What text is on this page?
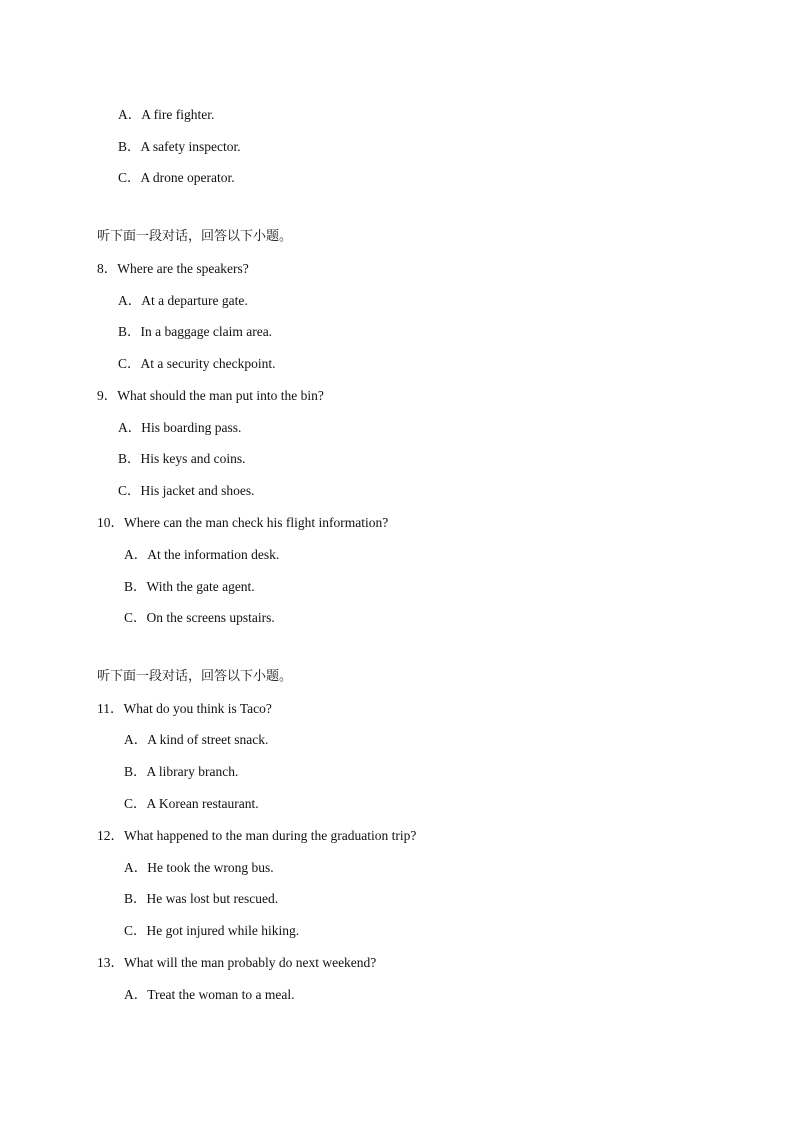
A．A fire fighter.
B．A safety inspector.
C．A drone operator.
听下面一段对话，回答以下小题。
8．Where are the speakers?
A．At a departure gate.
B．In a baggage claim area.
C．At a security checkpoint.
9．What should the man put into the bin?
A．His boarding pass.
B．His keys and coins.
C．His jacket and shoes.
10．Where can the man check his flight information?
A．At the information desk.
B．With the gate agent.
C．On the screens upstairs.
听下面一段对话，回答以下小题。
11．What do you think is Taco?
A．A kind of street snack.
B．A library branch.
C．A Korean restaurant.
12．What happened to the man during the graduation trip?
A．He took the wrong bus.
B．He was lost but rescued.
C．He got injured while hiking.
13．What will the man probably do next weekend?
A．Treat the woman to a meal.
